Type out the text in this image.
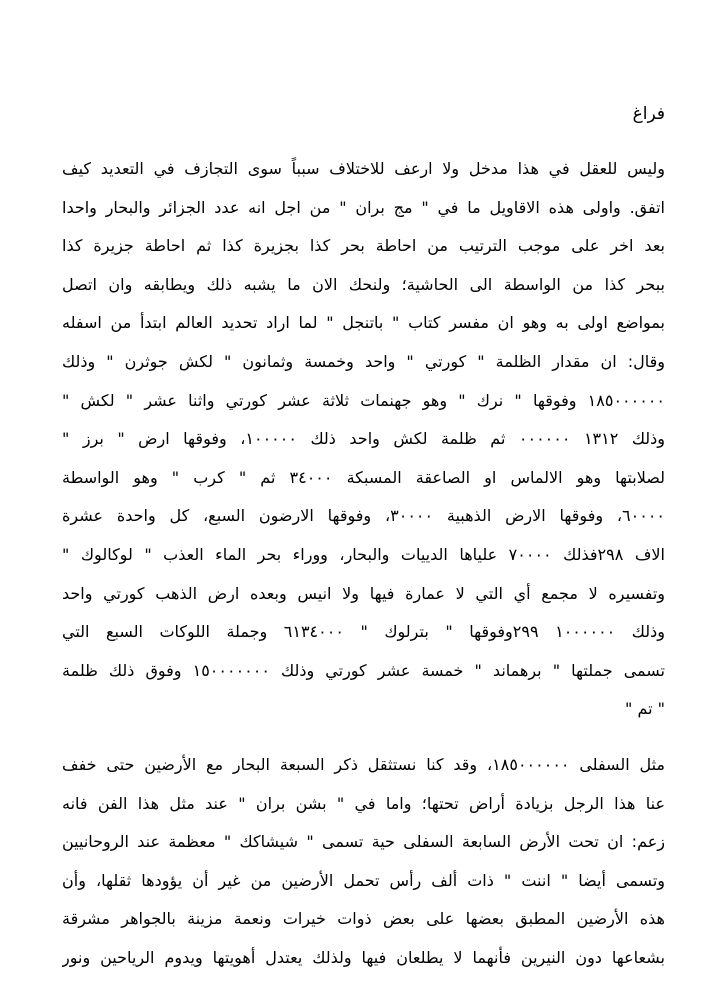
فراغ
وليس للعقل في هذا مدخل ولا ارعف للاختلاف سبباً سوى التجازف في التعديد كيف
اتفق. واولى هذه الاقاويل ما في " مج بران " من اجل انه عدد الجزائر والبحار واحدا
بعد اخر على موجب الترتيب من احاطة بحر كذا بجزيرة كذا ثم احاطة جزيرة كذا
ببحر كذا من الواسطة الى الحاشية؛ ولنحك الان ما يشبه ذلك ويطابقه وان اتصل
بمواضع اولى به وهو ان مفسر كتاب " باتنجل " لما اراد تحديد العالم ابتدأ من اسفله
وقال: ان مقدار الظلمة " كورتي " واحد وخمسة وثمانون " لكش جوثرن " وذلك
١٨٥٠٠٠٠٠٠ وفوقها " نرك " وهو جهنمات ثلاثة عشر كورتي واثنا عشر " لكش "
وذلك ١٣١٢ ٠٠٠٠٠٠ ثم ظلمة لكش واحد ذلك ١٠٠٠٠٠، وفوقها ارض " برز "
لصلابتها وهو الالماس او الصاعقة المسبكة ٣٤٠٠٠ ثم " كرب " وهو الواسطة
٦٠٠٠٠، وفوقها الارض الذهبية ٣٠٠٠٠، وفوقها الارضون السبع، كل واحدة عشرة
الاف ٢٩٨فذلك ٧٠٠٠٠ علياها الدييات والبحار، ووراء بحر الماء العذب " لوكالوك "
وتفسيره لا مجمع أي التي لا عمارة فيها ولا انيس وبعده ارض الذهب كورتي واحد
وذلك ١٠٠٠٠٠٠ ٢٩٩وفوقها " بترلوك " ٦١٣٤٠٠٠ وجملة اللوكات السبع التي
تسمى جملتها " برهماند " خمسة عشر كورتي وذلك ١٥٠٠٠٠٠٠٠ وفوق ذلك ظلمة
" تم "
مثل السفلى ١٨٥٠٠٠٠٠٠، وقد كنا نستثقل ذكر السبعة البحار مع الأرضين حتى خفف
عنا هذا الرجل بزيادة أراض تحتها؛ واما في " بشن بران " عند مثل هذا الفن فانه
زعم: ان تحت الأرض السابعة السفلى حية تسمى " شيشاكك " معظمة عند الروحانيين
وتسمى أيضا " اننت " ذات ألف رأس تحمل الأرضين من غير أن يؤودها ثقلها، وأن
هذه الأرضين المطبق بعضها على بعض ذوات خيرات ونعمة مزينة بالجواهر مشرقة
بشعاعها دون النيرين فأنهما لا يطلعان فيها ولذلك يعتدل أهويتها ويدوم الرياحين ونور
